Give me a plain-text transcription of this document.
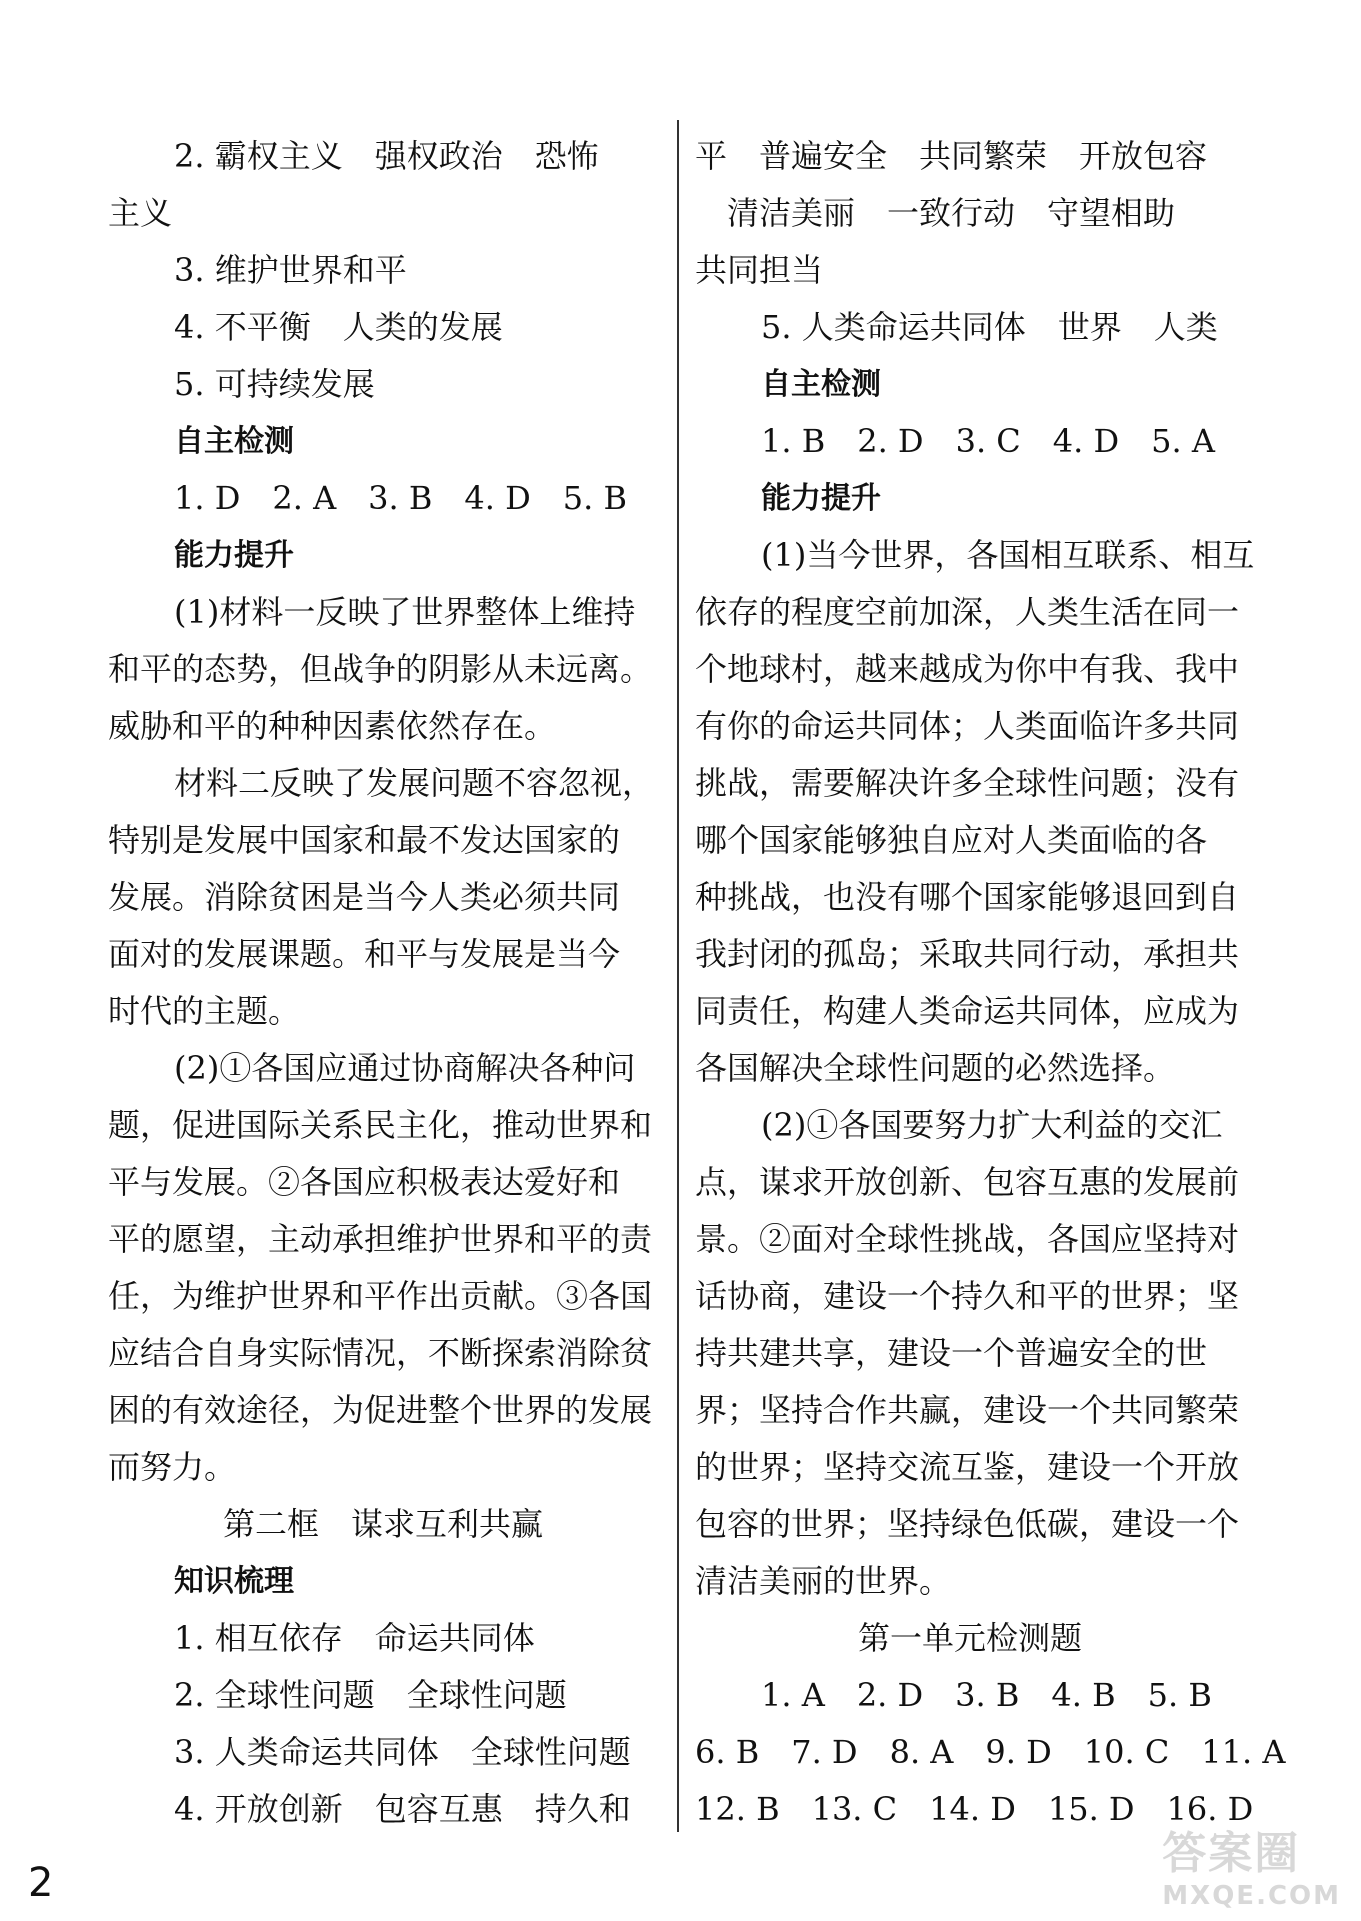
2. 霸权主义　强权政治　恐怖
主义
3. 维护世界和平
4. 不平衡　人类的发展
5. 可持续发展
自主检测
1. D　2. A　3. B　4. D　5. B
能力提升
(1)材料一反映了世界整体上维持
和平的态势，但战争的阴影从未远离。
威胁和平的种种因素依然存在。
材料二反映了发展问题不容忽视，
特别是发展中国家和最不发达国家的
发展。消除贫困是当今人类必须共同
面对的发展课题。和平与发展是当今
时代的主题。
(2)①各国应通过协商解决各种问
题，促进国际关系民主化，推动世界和
平与发展。②各国应积极表达爱好和
平的愿望，主动承担维护世界和平的责
任，为维护世界和平作出贡献。③各国
应结合自身实际情况，不断探索消除贫
困的有效途径，为促进整个世界的发展
而努力。
第二框　谋求互利共赢
知识梳理
1. 相互依存　命运共同体
2. 全球性问题　全球性问题
3. 人类命运共同体　全球性问题
4. 开放创新　包容互惠　持久和
平　普遍安全　共同繁荣　开放包容
　清洁美丽　一致行动　守望相助
共同担当
5. 人类命运共同体　世界　人类
自主检测
1. B　2. D　3. C　4. D　5. A
能力提升
(1)当今世界，各国相互联系、相互
依存的程度空前加深，人类生活在同一
个地球村，越来越成为你中有我、我中
有你的命运共同体；人类面临许多共同
挑战，需要解决许多全球性问题；没有
哪个国家能够独自应对人类面临的各
种挑战，也没有哪个国家能够退回到自
我封闭的孤岛；采取共同行动，承担共
同责任，构建人类命运共同体，应成为
各国解决全球性问题的必然选择。
(2)①各国要努力扩大利益的交汇
点，谋求开放创新、包容互惠的发展前
景。②面对全球性挑战，各国应坚持对
话协商，建设一个持久和平的世界；坚
持共建共享，建设一个普遍安全的世
界；坚持合作共赢，建设一个共同繁荣
的世界；坚持交流互鉴，建设一个开放
包容的世界；坚持绿色低碳，建设一个
清洁美丽的世界。
第一单元检测题
1. A　2. D　3. B　4. B　5. B
6. B　7. D　8. A　9. D　10. C　11. A
12. B　13. C　14. D　15. D　16. D
2
答案圈
MXQE.COM
